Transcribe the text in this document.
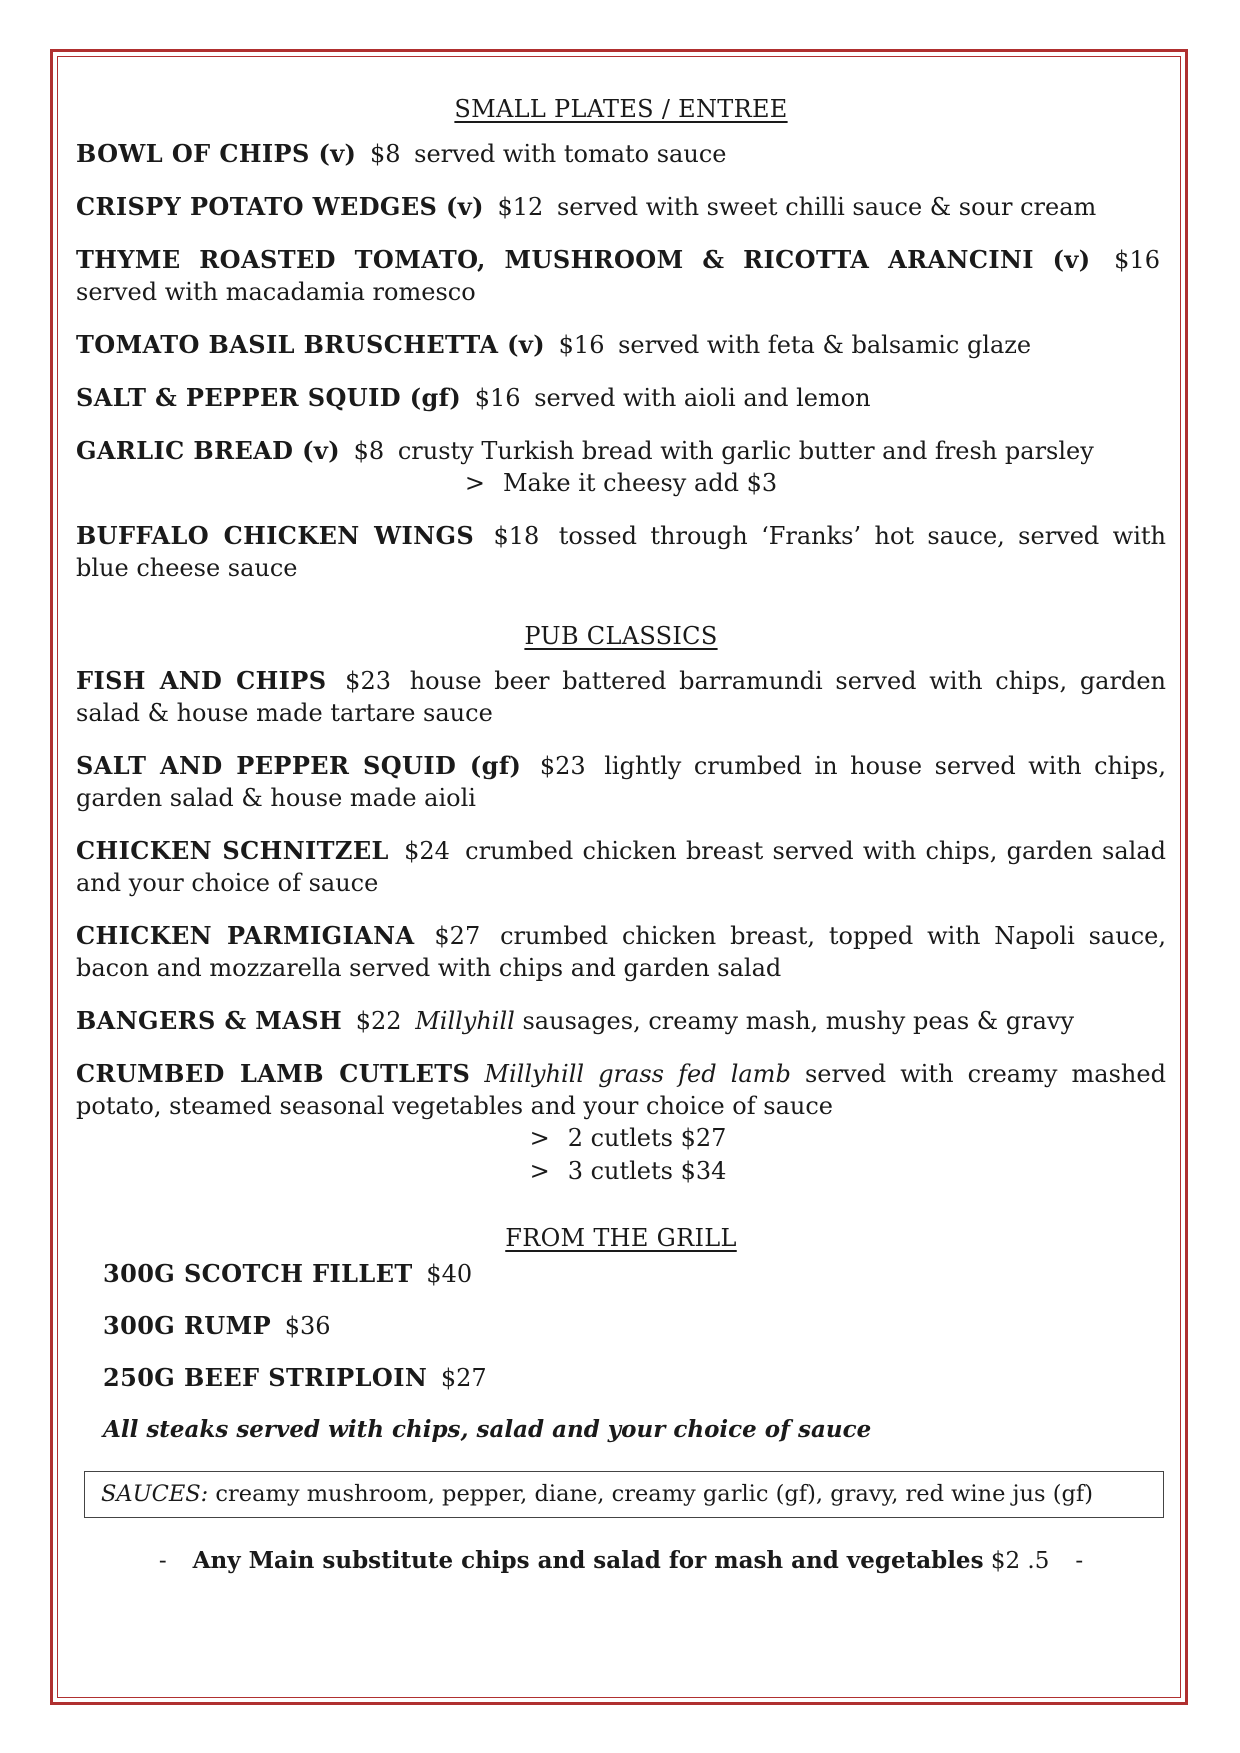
SMALL PLATES / ENTREE

BOWL OF CHIPS (v) $8 served with tomato sauce

CRISPY POTATO WEDGES (v) $12 served with sweet chilli sauce & sour cream

THYME ROASTED TOMATO, MUSHROOM & RICOTTA ARANCINI (v) $16 served with macadamia romesco

TOMATO BASIL BRUSCHETTA (v) $16 served with feta & balsamic glaze

SALT & PEPPER SQUID (gf) $16 served with aioli and lemon

GARLIC BREAD (v) $8 crusty Turkish bread with garlic butter and fresh parsley

> Make it cheesy add $3

BUFFALO CHICKEN WINGS $18 tossed through ‘Franks’ hot sauce, served with blue cheese sauce

PUB CLASSICS

FISH AND CHIPS $23 house beer battered barramundi served with chips, garden salad & house made tartare sauce

SALT AND PEPPER SQUID (gf) $23 lightly crumbed in house served with chips, garden salad & house made aioli

CHICKEN SCHNITZEL $24 crumbed chicken breast served with chips, garden salad and your choice of sauce

CHICKEN PARMIGIANA $27 crumbed chicken breast, topped with Napoli sauce, bacon and mozzarella served with chips and garden salad

BANGERS & MASH $22 Millyhill sausages, creamy mash, mushy peas & gravy

CRUMBED LAMB CUTLETS Millyhill grass fed lamb served with creamy mashed potato, steamed seasonal vegetables and your choice of sauce

> 2 cutlets $27

> 3 cutlets $34

FROM THE GRILL

300G SCOTCH FILLET $40

300G RUMP $36

250G BEEF STRIPLOIN $27

All steaks served with chips, salad and your choice of sauce
SAUCES: creamy mushroom, pepper, diane, creamy garlic (gf), gravy, red wine jus (gf)
- Any Main substitute chips and salad for mash and vegetables $2 .5 -
